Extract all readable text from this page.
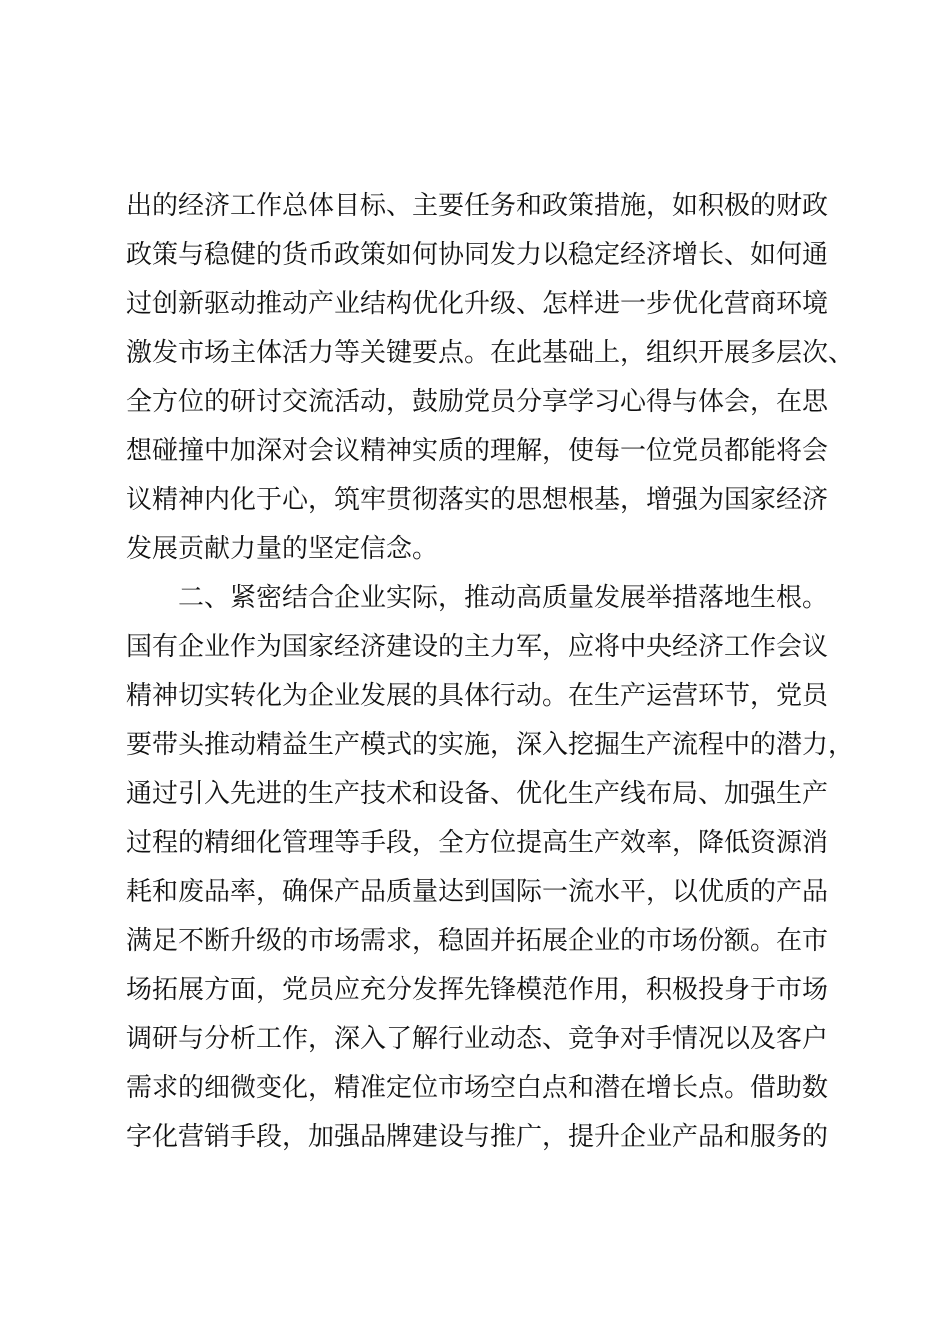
出的经济工作总体目标、主要任务和政策措施，如积极的财政
政策与稳健的货币政策如何协同发力以稳定经济增长、如何通
过创新驱动推动产业结构优化升级、怎样进一步优化营商环境
激发市场主体活力等关键要点。在此基础上，组织开展多层次、
全方位的研讨交流活动，鼓励党员分享学习心得与体会，在思
想碰撞中加深对会议精神实质的理解，使每一位党员都能将会
议精神内化于心，筑牢贯彻落实的思想根基，增强为国家经济
发展贡献力量的坚定信念。
　　二、紧密结合企业实际，推动高质量发展举措落地生根。
国有企业作为国家经济建设的主力军，应将中央经济工作会议
精神切实转化为企业发展的具体行动。在生产运营环节，党员
要带头推动精益生产模式的实施，深入挖掘生产流程中的潜力，
通过引入先进的生产技术和设备、优化生产线布局、加强生产
过程的精细化管理等手段，全方位提高生产效率，降低资源消
耗和废品率，确保产品质量达到国际一流水平，以优质的产品
满足不断升级的市场需求，稳固并拓展企业的市场份额。在市
场拓展方面，党员应充分发挥先锋模范作用，积极投身于市场
调研与分析工作，深入了解行业动态、竞争对手情况以及客户
需求的细微变化，精准定位市场空白点和潜在增长点。借助数
字化营销手段，加强品牌建设与推广，提升企业产品和服务的
